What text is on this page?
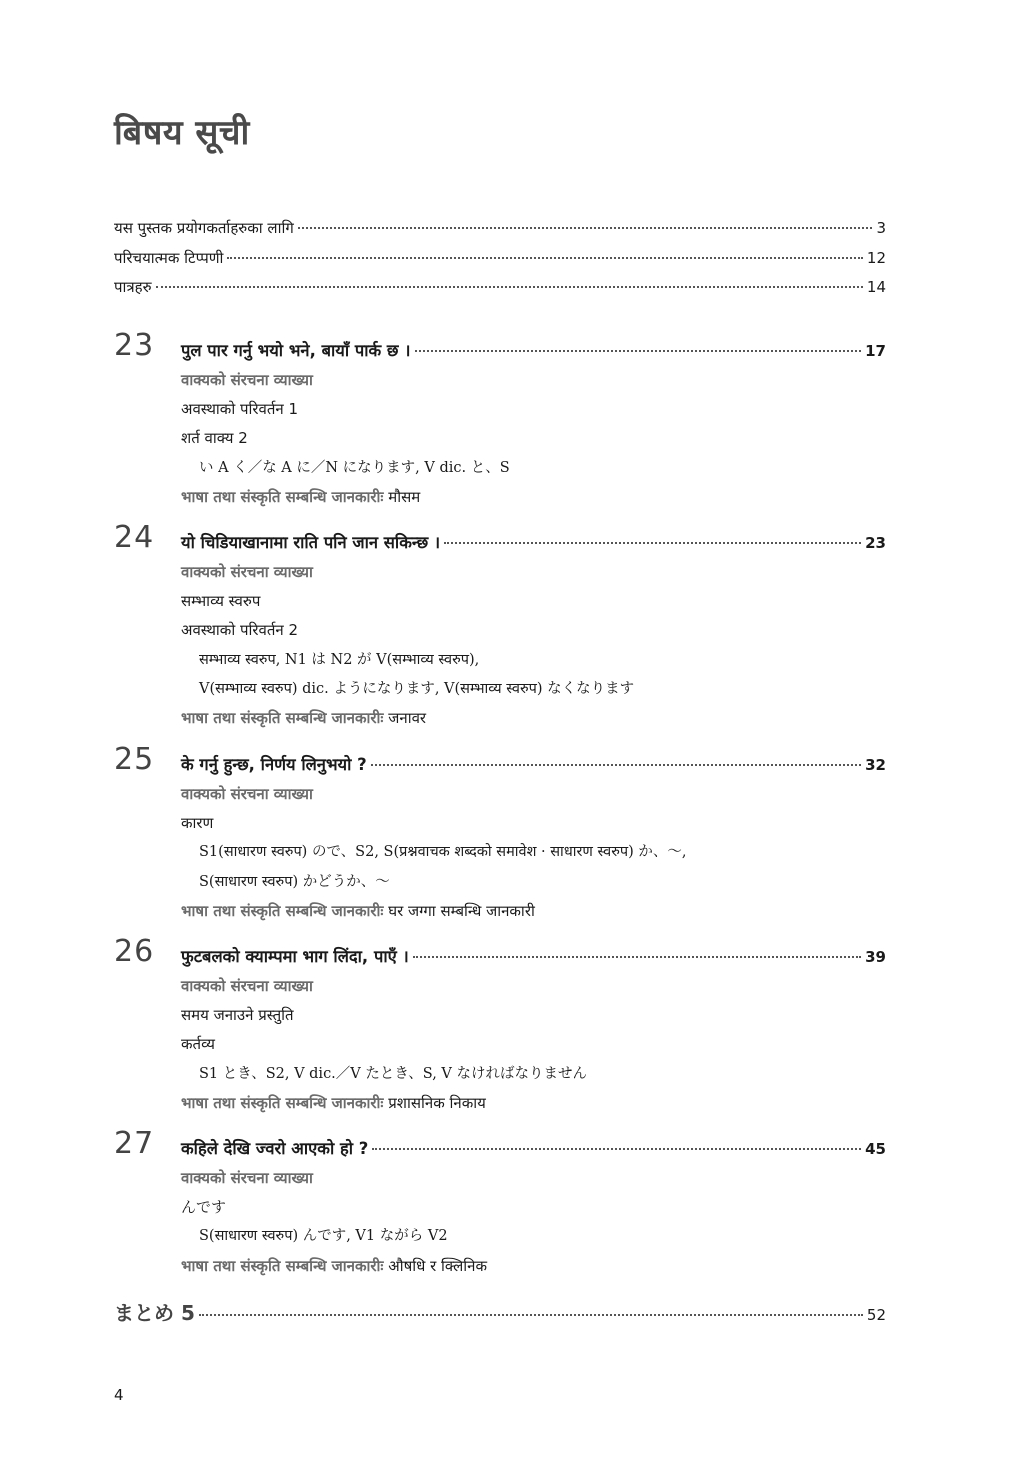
बिषय सूची
यस पुस्तक प्रयोगकर्ताहरुका लागि	3
परिचयात्मक टिप्पणी	12
पात्रहरु	14
23 पुल पार गर्नु भयो भने, बायाँ पार्क छ ।	17
वाक्यको संरचना व्याख्या
अवस्थाको परिवर्तन 1
शर्त वाक्य 2
い A く／な A に／N になります, V dic. と、S
भाषा तथा संस्कृति सम्बन्धि जानकारीः मौसम
24 यो चिडियाखानामा राति पनि जान सकिन्छ ।	23
वाक्यको संरचना व्याख्या
सम्भाव्य स्वरुप
अवस्थाको परिवर्तन 2
सम्भाव्य स्वरुप, N1 は N2 が V(सम्भाव्य स्वरुप),
V(सम्भाव्य स्वरुप) dic. ようになります, V(सम्भाव्य स्वरुप) なくなります
भाषा तथा संस्कृति सम्बन्धि जानकारीः जनावर
25 के गर्नु हुन्छ, निर्णय लिनुभयो ?	32
वाक्यको संरचना व्याख्या
कारण
S1(साधारण स्वरुप) ので、S2, S(प्रश्नवाचक शब्दको समावेश · साधारण स्वरुप) か、～,
S(साधारण स्वरुप) かどうか、～
भाषा तथा संस्कृति सम्बन्धि जानकारीः घर जग्गा सम्बन्धि जानकारी
26 फुटबलको क्याम्पमा भाग लिंदा, पाएँ ।	39
वाक्यको संरचना व्याख्या
समय जनाउने प्रस्तुति
कर्तव्य
S1 とき、S2, V dic.／V たとき、S, V なければなりません
भाषा तथा संस्कृति सम्बन्धि जानकारीः प्रशासनिक निकाय
27 कहिले देखि ज्वरो आएको हो ?	45
वाक्यको संरचना व्याख्या
んです
S(साधारण स्वरुप) んです, V1 ながら V2
भाषा तथा संस्कृति सम्बन्धि जानकारीः औषधि र क्लिनिक
まとめ 5	52
4
